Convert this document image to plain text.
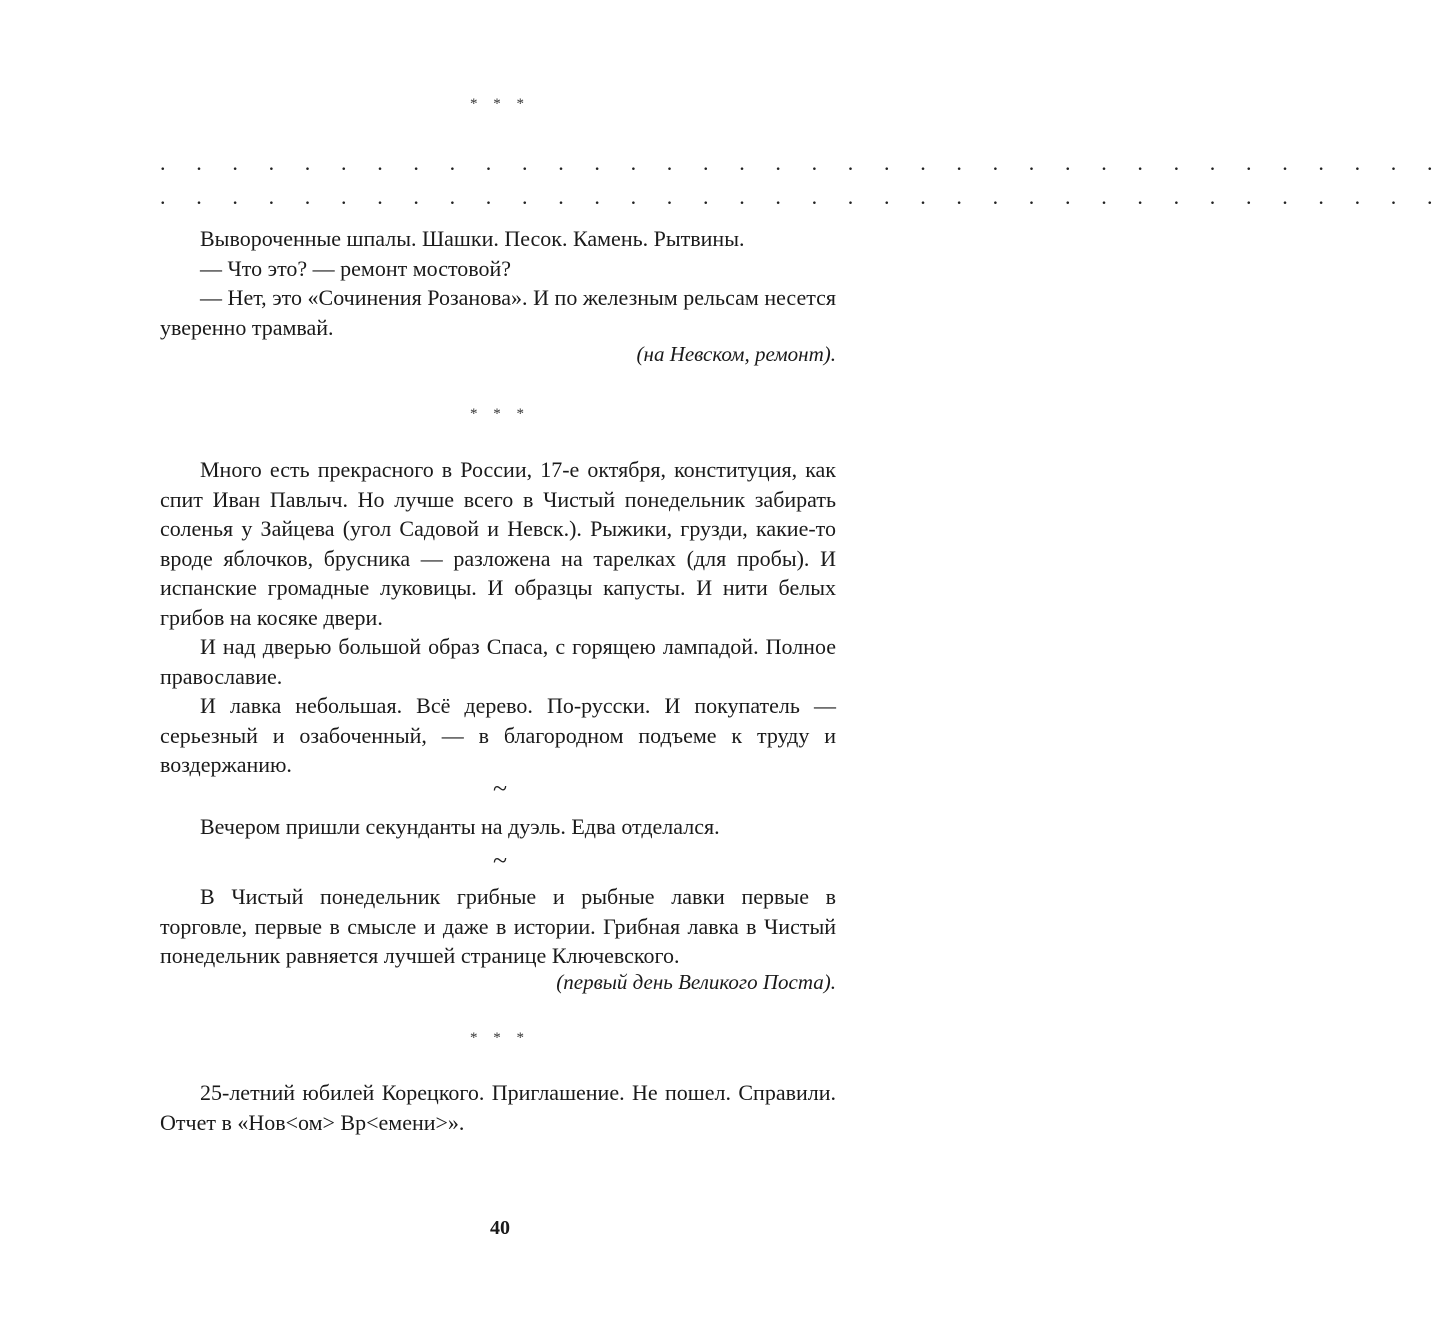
* * *
. . . . . . . . . . . . . . . . . . . . . . . . . . . . . . . . . . . .
. . . . . . . . . . . . . . . . . . . . . . . . . . . . . . . . . . . .

Вывороченные шпалы. Шашки. Песок. Камень. Рытвины.

— Что это? — ремонт мостовой?

— Нет, это «Сочинения Розанова». И по железным рельсам несется уверенно трамвай.

(на Невском, ремонт).
* * *

Много есть прекрасного в России, 17-е октября, конституция, как спит Иван Павлыч. Но лучше всего в Чистый понедельник забирать соленья у Зайцева (угол Садовой и Невск.). Рыжики, грузди, какие-то вроде яблочков, брусника — разложена на тарелках (для пробы). И испанские громадные луковицы. И образцы капусты. И нити белых грибов на косяке двери.

И над дверью большой образ Спаса, с горящею лампадой. Полное православие.

И лавка небольшая. Всё дерево. По-русски. И покупатель — серьезный и озабоченный, — в благородном подъеме к труду и воздержанию.

~

Вечером пришли секунданты на дуэль. Едва отделался.

~

В Чистый понедельник грибные и рыбные лавки первые в торговле, первые в смысле и даже в истории. Грибная лавка в Чистый понедельник равняется лучшей странице Ключевского.

(первый день Великого Поста).
* * *

25-летний юбилей Корецкого. Приглашение. Не пошел. Справили. Отчет в «Нов<ом> Вр<емени>».

40
